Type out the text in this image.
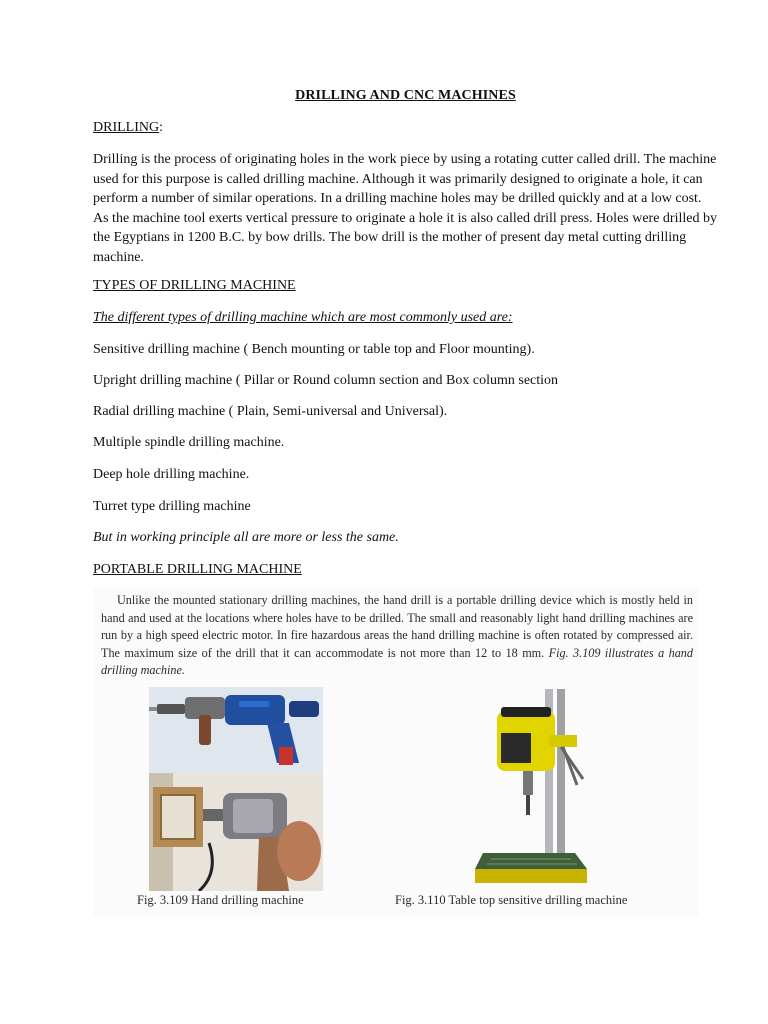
DRILLING AND CNC MACHINES
DRILLING:

Drilling is the process of originating holes in the work piece by using a rotating cutter called drill. The machine used for this purpose is called drilling machine. Although it was primarily designed to originate a hole, it can perform a number of similar operations. In a drilling machine holes may be drilled quickly and at a low cost. As the machine tool exerts vertical pressure to originate a hole it is also called drill press. Holes were drilled by the Egyptians in 1200 B.C. by bow drills. The bow drill is the mother of present day metal cutting drilling machine.

TYPES OF DRILLING MACHINE
The different types of drilling machine which are most commonly used are:
Sensitive drilling machine ( Bench mounting or table top and Floor mounting).
Upright drilling machine ( Pillar or Round column section and Box column section
Radial drilling machine ( Plain, Semi-universal and Universal).
Multiple spindle drilling machine.
Deep hole drilling machine.
Turret type drilling machine
But in working principle all are more or less the same.
PORTABLE DRILLING MACHINE

Unlike the mounted stationary drilling machines, the hand drill is a portable drilling device which is mostly held in hand and used at the locations where holes have to be drilled. The small and reasonably light hand drilling machines are run by a high speed electric motor. In fire hazardous areas the hand drilling machine is often rotated by compressed air. The maximum size of the drill that it can accommodate is not more than 12 to 18 mm. Fig. 3.109 illustrates a hand drilling machine.

Fig. 3.109 Hand drilling machine	Fig. 3.110 Table top sensitive drilling machine
